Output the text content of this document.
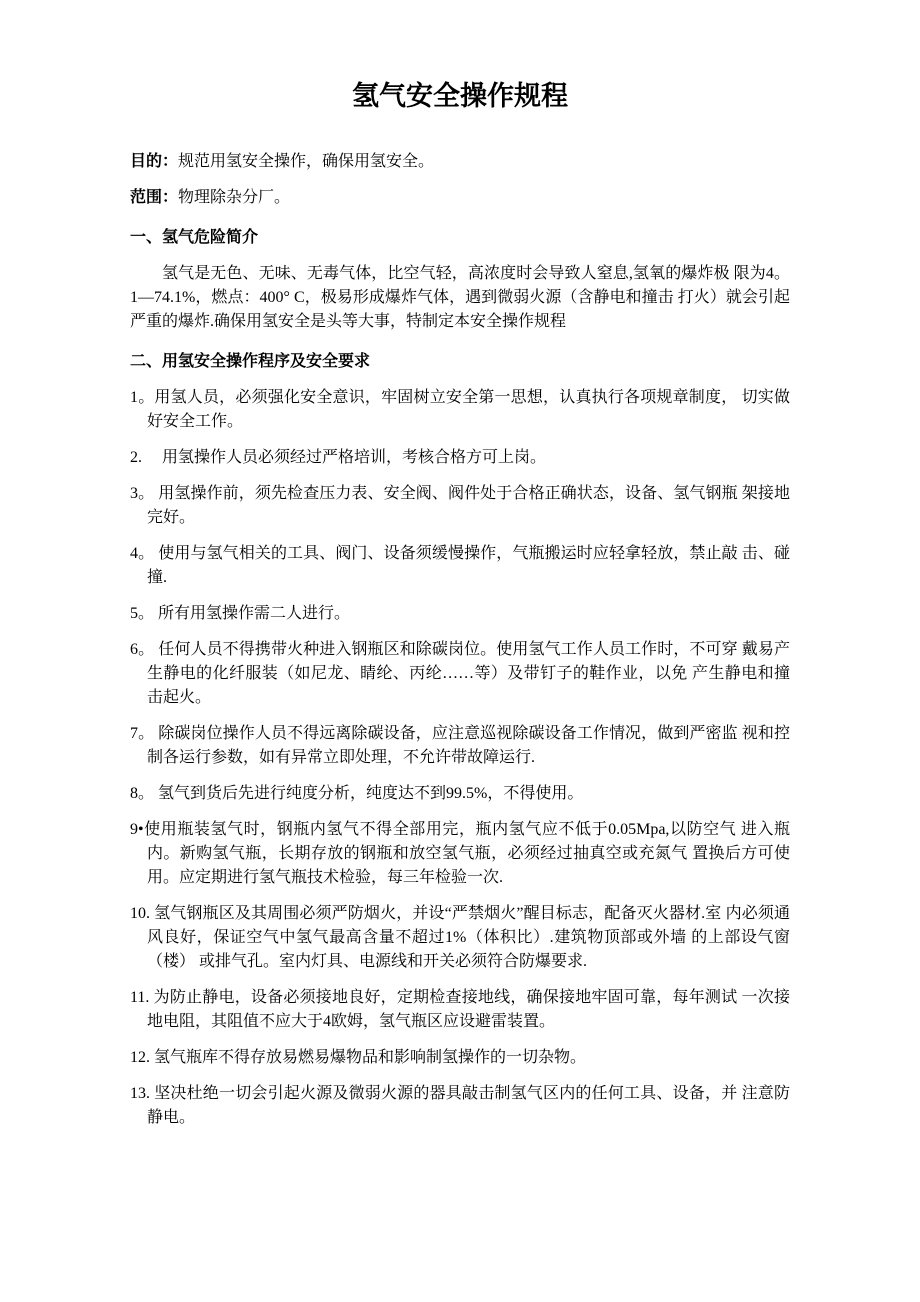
氢气安全操作规程

目的：规范用氢安全操作，确保用氢安全。

范围：物理除杂分厂。

一、氢气危险简介

氢气是无色、无味、无毒气体，比空气轻，高浓度时会导致人窒息,氢氧的爆炸极 限为4。1—74.1%，燃点：400° C，极易形成爆炸气体，遇到微弱火源（含静电和撞击 打火）就会引起严重的爆炸.确保用氢安全是头等大事，特制定本安全操作规程

二、用氢安全操作程序及安全要求

1。用氢人员，必须强化安全意识，牢固树立安全第一思想，认真执行各项规章制度， 切实做好安全工作。

2.　 用氢操作人员必须经过严格培训，考核合格方可上岗。

3。 用氢操作前，须先检查压力表、安全阀、阀件处于合格正确状态，设备、氢气钢瓶 架接地完好。

4。 使用与氢气相关的工具、阀门、设备须缓慢操作，气瓶搬运时应轻拿轻放，禁止敲 击、碰撞.

5。 所有用氢操作需二人进行。

6。 任何人员不得携带火种进入钢瓶区和除碳岗位。使用氢气工作人员工作时，不可穿 戴易产生静电的化纤服装（如尼龙、睛纶、丙纶……等）及带钉子的鞋作业，以免 产生静电和撞击起火。

7。 除碳岗位操作人员不得远离除碳设备，应注意巡视除碳设备工作情况，做到严密监 视和控制各运行参数，如有异常立即处理，不允许带故障运行.

8。 氢气到货后先进行纯度分析，纯度达不到99.5%，不得使用。

9•使用瓶装氢气时，钢瓶内氢气不得全部用完，瓶内氢气应不低于0.05Mpa,以防空气 进入瓶内。新购氢气瓶，长期存放的钢瓶和放空氢气瓶，必须经过抽真空或充氮气 置换后方可使用。应定期进行氢气瓶技术检验，每三年检验一次.

10. 氢气钢瓶区及其周围必须严防烟火，并设“严禁烟火”醒目标志，配备灭火器材.室 内必须通风良好，保证空气中氢气最高含量不超过1%（体积比）.建筑物顶部或外墙 的上部设气窗 （楼） 或排气孔。室内灯具、电源线和开关必须符合防爆要求.

11. 为防止静电，设备必须接地良好，定期检查接地线，确保接地牢固可靠，每年测试 一次接地电阻，其阻值不应大于4欧姆，氢气瓶区应设避雷装置。

12. 氢气瓶库不得存放易燃易爆物品和影响制氢操作的一切杂物。

13. 坚决杜绝一切会引起火源及微弱火源的器具敲击制氢气区内的任何工具、设备，并 注意防静电。
